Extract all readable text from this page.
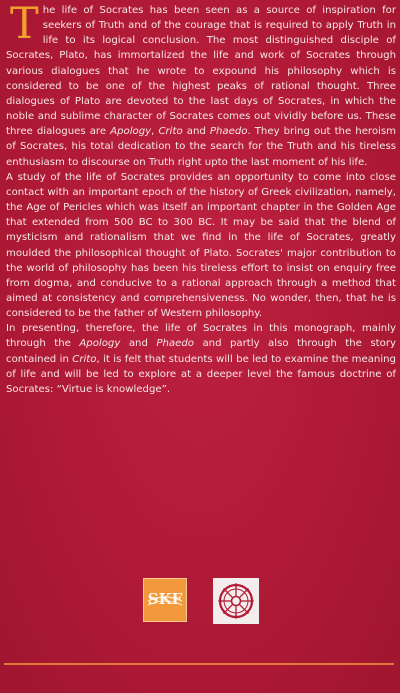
The life of Socrates has been seen as a source of inspiration for seekers of Truth and of the courage that is required to apply Truth in life to its logical conclusion. The most distinguished disciple of Socrates, Plato, has immortalized the life and work of Socrates through various dialogues that he wrote to expound his philosophy which is considered to be one of the highest peaks of rational thought. Three dialogues of Plato are devoted to the last days of Socrates, in which the noble and sublime character of Socrates comes out vividly before us. These three dialogues are Apology, Crito and Phaedo. They bring out the heroism of Socrates, his total dedication to the search for the Truth and his tireless enthusiasm to discourse on Truth right upto the last moment of his life.

A study of the life of Socrates provides an opportunity to come into close contact with an important epoch of the history of Greek civilization, namely, the Age of Pericles which was itself an important chapter in the Golden Age that extended from 500 BC to 300 BC. It may be said that the blend of mysticism and rationalism that we find in the life of Socrates, greatly moulded the philosophical thought of Plato. Socrates' major contribution to the world of philosophy has been his tireless effort to insist on enquiry free from dogma, and conducive to a rational approach through a method that aimed at consistency and comprehensiveness. No wonder, then, that he is considered to be the father of Western philosophy.

In presenting, therefore, the life of Socrates in this monograph, mainly through the Apology and Phaedo and partly also through the story contained in Crito, it is felt that students will be led to examine the meaning of life and will be led to explore at a deeper level the famous doctrine of Socrates: “Virtue is knowledge”.

SKF
